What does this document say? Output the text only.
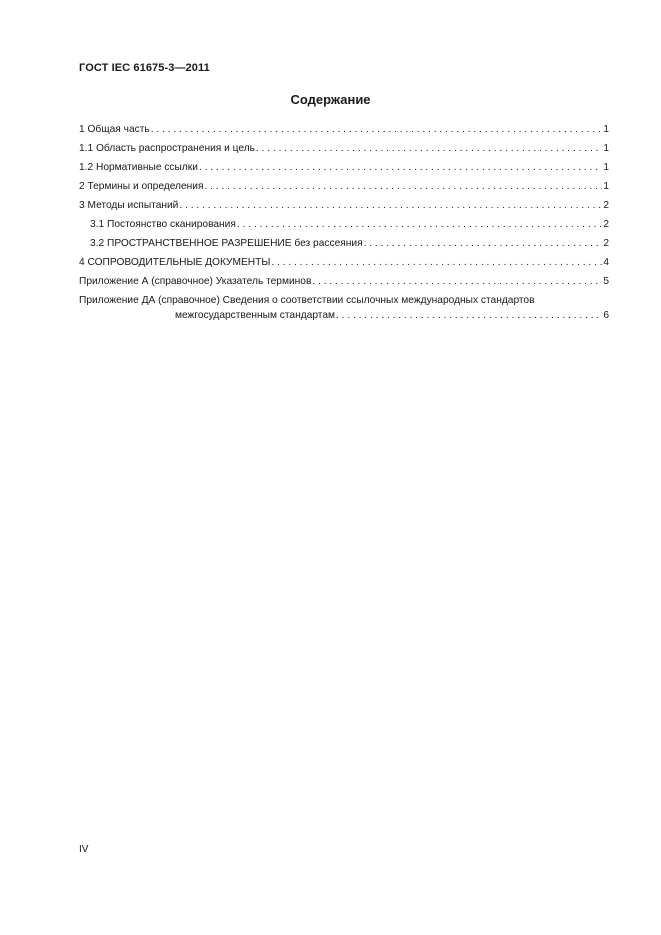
ГОСТ IEC 61675-3—2011
Содержание
1 Общая часть . . .	1
1.1 Область распространения и цель . . .	1
1.2 Нормативные ссылки . . .	1
2 Термины и определения . . .	1
3 Методы испытаний . . .	2
3.1 Постоянство сканирования . . .	2
3.2 ПРОСТРАНСТВЕННОЕ РАЗРЕШЕНИЕ без рассеяния . . .	2
4 СОПРОВОДИТЕЛЬНЫЕ ДОКУМЕНТЫ . . .	4
Приложение А (справочное) Указатель терминов . . .	5
Приложение ДА (справочное) Сведения о соответствии ссылочных международных стандартов
межгосударственным стандартам . . .	6
IV
